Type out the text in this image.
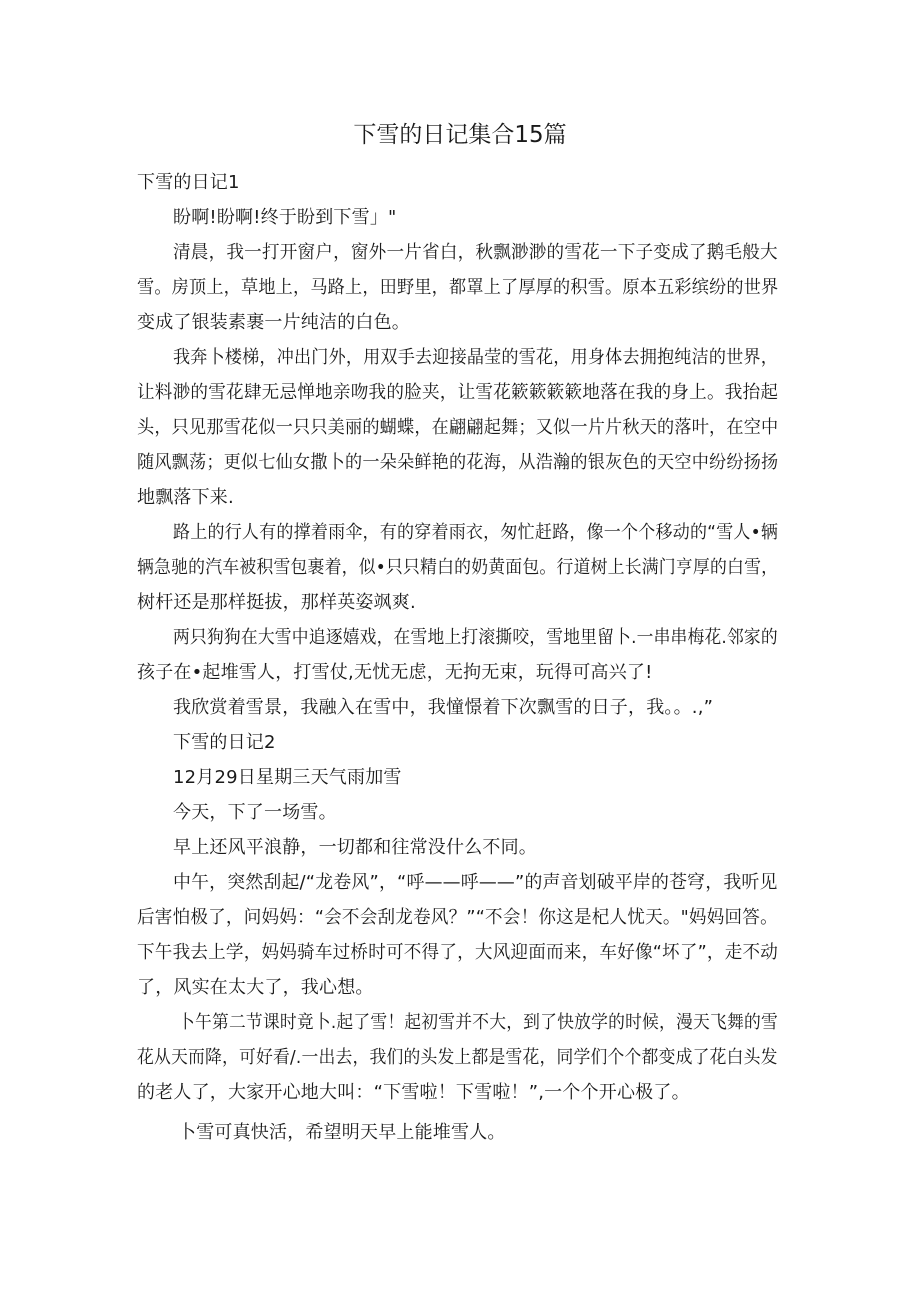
下雪的日记集合15篇

下雪的日记1

盼啊!盼啊!终于盼到下雪」"

清晨，我一打开窗户，窗外一片省白，秋飘渺渺的雪花一下子变成了鹅毛般大

雪。房顶上，草地上，马路上，田野里，都罩上了厚厚的积雪。原本五彩缤纷的世界

变成了银装素裹一片纯洁的白色。

我奔卜楼梯，冲出门外，用双手去迎接晶莹的雪花，用身体去拥抱纯洁的世界，

让料渺的雪花肆无忌惮地亲吻我的脸夹，让雪花簌簌簌簌地落在我的身上。我抬起

头，只见那雪花似一只只美丽的蝴蝶，在翩翩起舞；又似一片片秋天的落叶，在空中

随风飘荡；更似七仙女撒卜的一朵朵鲜艳的花海，从浩瀚的银灰色的天空中纷纷扬扬

地飘落下来.

路上的行人有的撑着雨伞，有的穿着雨衣，匆忙赶路，像一个个移动的“雪人•辆

辆急驰的汽车被积雪包裹着，似•只只精白的奶黄面包。行道树上长满门亨厚的白雪，

树杆还是那样挺拔，那样英姿飒爽.

两只狗狗在大雪中追逐嬉戏，在雪地上打滚撕咬，雪地里留卜.一串串梅花.邻家的

孩子在•起堆雪人，打雪仗,无忧无虑，无拘无束，玩得可高兴了!

我欣赏着雪景，我融入在雪中，我憧憬着下次飘雪的日子，我。。.,”

下雪的日记2

12月29日星期三天气雨加雪

今天，下了一场雪。

早上还风平浪静，一切都和往常没什么不同。

中午，突然刮起/“龙卷风”，“呼——呼——”的声音划破平岸的苍穹，我听见

后害怕极了，问妈妈：“会不会刮龙卷风？”“不会！你这是杞人忧天。"妈妈回答。

下午我去上学，妈妈骑车过桥时可不得了，大风迎面而来，车好像“坏了”，走不动

了，风实在太大了，我心想。

卜午第二节课时竟卜.起了雪！起初雪并不大，到了快放学的时候，漫天飞舞的雪

花从天而降，可好看/.一出去，我们的头发上都是雪花，同学们个个都变成了花白头发

的老人了，大家开心地大叫：“下雪啦！下雪啦！”,一个个开心极了。

卜雪可真快活，希望明天早上能堆雪人。
